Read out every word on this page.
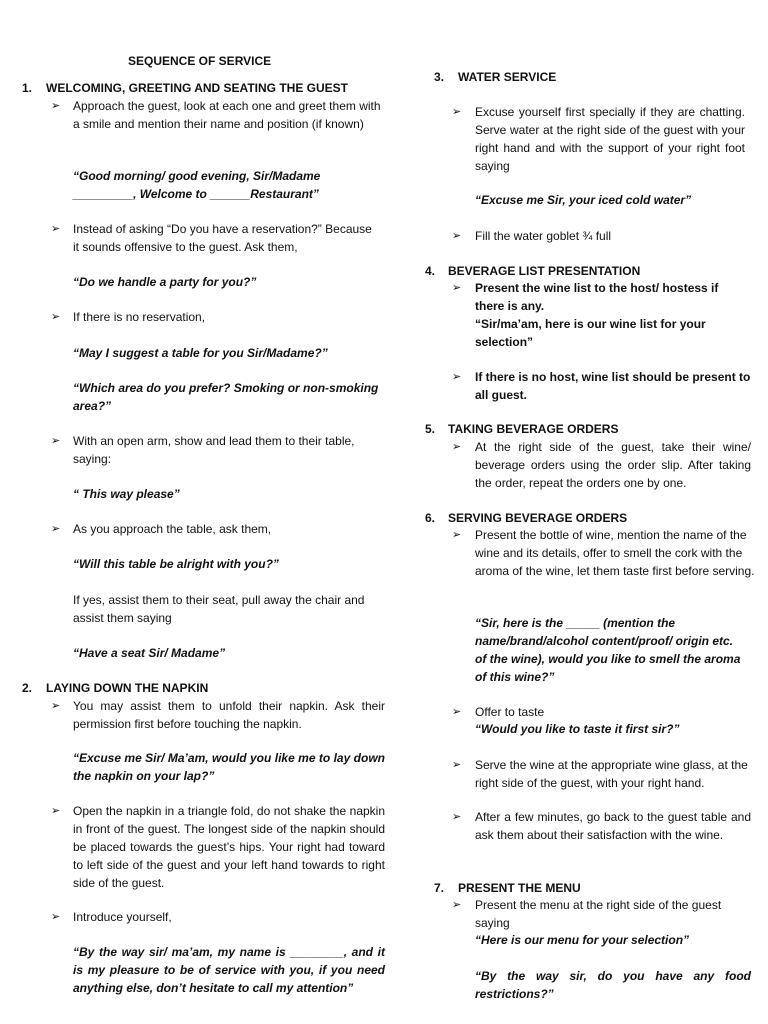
SEQUENCE OF SERVICE
1. WELCOMING, GREETING AND SEATING THE GUEST
➢ Approach the guest, look at each one and greet them with a smile and mention their name and position (if known)

“Good morning/ good evening, Sir/Madame _________, Welcome to ______Restaurant”

➢ Instead of asking “Do you have a reservation?” Because it sounds offensive to the guest. Ask them,

“Do we handle a party for you?”

➢ If there is no reservation,

“May I suggest a table for you Sir/Madame?”

“Which area do you prefer? Smoking or non-smoking area?”

➢ With an open arm, show and lead them to their table, saying:

“ This way please”

➢ As you approach the table, ask them,

“Will this table be alright with you?”

If yes, assist them to their seat, pull away the chair and assist them saying

“Have a seat Sir/ Madame”

2. LAYING DOWN THE NAPKIN
➢ You may assist them to unfold their napkin. Ask their permission first before touching the napkin.

“Excuse me Sir/ Ma’am, would you like me to lay down the napkin on your lap?”

➢ Open the napkin in a triangle fold, do not shake the napkin in front of the guest. The longest side of the napkin should be placed towards the guest’s hips. Your right had toward to left side of the guest and your left hand towards to right side of the guest.

➢ Introduce yourself,

“By the way sir/ ma’am, my name is ________, and it is my pleasure to be of service with you, if you need anything else, don’t hesitate to call my attention”

3. WATER SERVICE
➢ Excuse yourself first specially if they are chatting. Serve water at the right side of the guest with your right hand and with the support of your right foot saying

“Excuse me Sir, your iced cold water”

➢ Fill the water goblet ¾ full

4. BEVERAGE LIST PRESENTATION
➢ Present the wine list to the host/ hostess if there is any.

“Sir/ma’am, here is our wine list for your selection”

➢ If there is no host, wine list should be present to all guest.

5. TAKING BEVERAGE ORDERS
➢ At the right side of the guest, take their wine/ beverage orders using the order slip. After taking the order, repeat the orders one by one.

6. SERVING BEVERAGE ORDERS
➢ Present the bottle of wine, mention the name of the wine and its details, offer to smell the cork with the aroma of the wine, let them taste first before serving.

“Sir, here is the _____ (mention the name/brand/alcohol content/proof/ origin etc. of the wine), would you like to smell the aroma of this wine?”

➢ Offer to taste

“Would you like to taste it first sir?”

➢ Serve the wine at the appropriate wine glass, at the right side of the guest, with your right hand.

➢ After a few minutes, go back to the guest table and ask them about their satisfaction with the wine.

7. PRESENT THE MENU
➢ Present the menu at the right side of the guest saying

“Here is our menu for your selection”

“By the way sir, do you have any food restrictions?”
